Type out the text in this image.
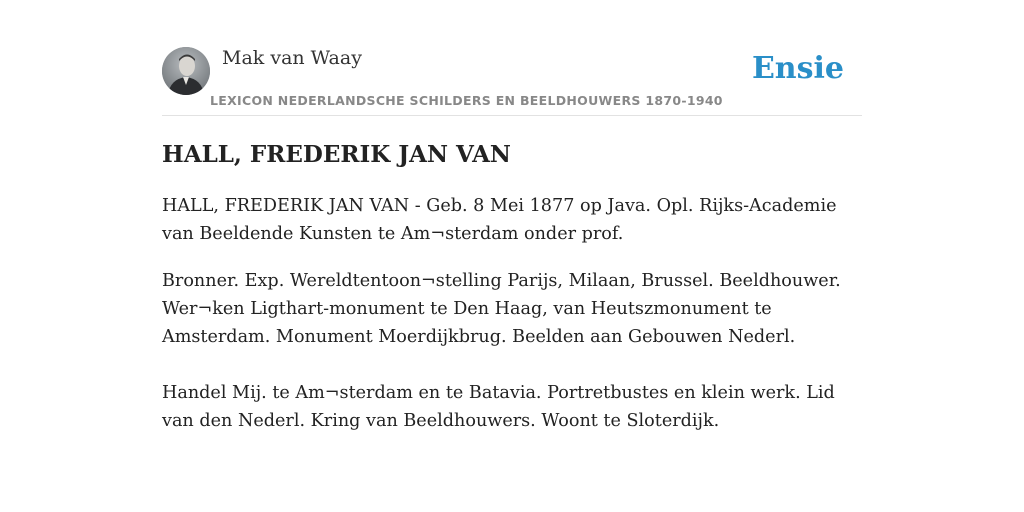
Mak van Waay
LEXICON NEDERLANDSCHE SCHILDERS EN BEELDHOUWERS 1870-1940
Ensie
HALL, FREDERIK JAN VAN

HALL, FREDERIK JAN VAN - Geb. 8 Mei 1877 op Java. Opl. Rijks-Academie van Beeldende Kunsten te Am¬sterdam onder prof.

Bronner. Exp. Wereldtentoon¬stelling Parijs, Milaan, Brussel. Beeldhouwer. Wer¬ken Ligthart-monument te Den Haag, van Heutszmonument te Amsterdam. Monument Moerdijkbrug. Beelden aan Gebouwen Nederl.

Handel Mij. te Am¬sterdam en te Batavia. Portretbustes en klein werk. Lid van den Nederl. Kring van Beeldhouwers. Woont te Sloterdijk.
